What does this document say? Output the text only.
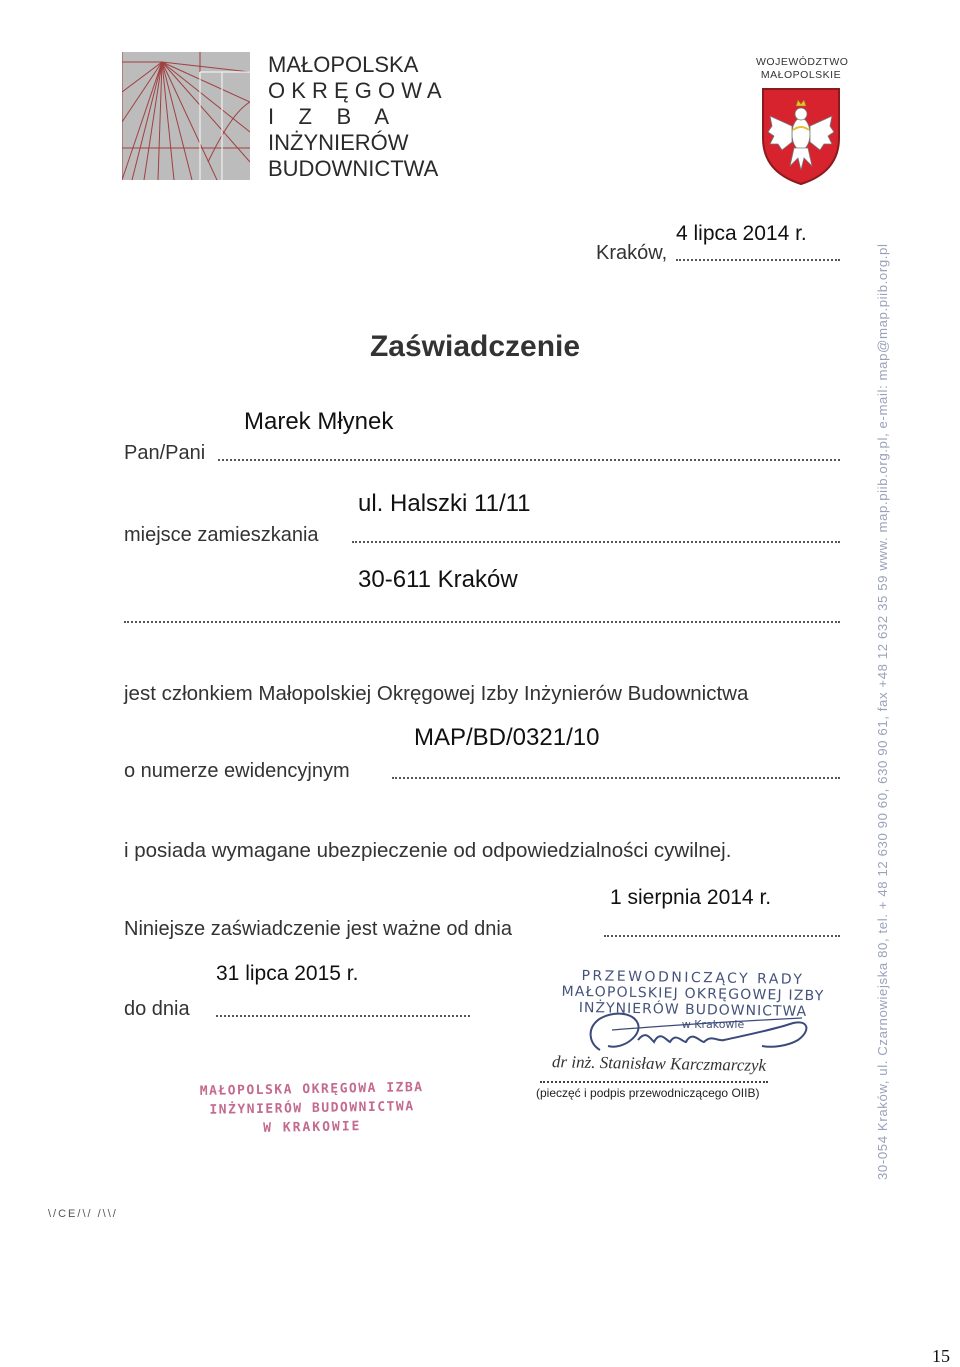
MAŁOPOLSKA
O K R Ę G O W A
I    Z    B    A
INŻYNIERÓW
BUDOWNICTWA
WOJEWÓDZTWO
MAŁOPOLSKIE
30-054 Kraków, ul. Czarnowiejska 80, tel. + 48 12 630 90 60, 630 90 61, fax +48 12 632 35 59 www. map.piib.org.pl, e-mail: map@map.piib.org.pl
4 lipca 2014 r.
Kraków,
Zaświadczenie
Marek Młynek
Pan/Pani
ul. Halszki 11/11
miejsce zamieszkania
30-611 Kraków
jest członkiem Małopolskiej Okręgowej Izby Inżynierów Budownictwa
MAP/BD/0321/10
o numerze ewidencyjnym
i posiada wymagane ubezpieczenie od odpowiedzialności cywilnej.
1 sierpnia 2014 r.
Niniejsze zaświadczenie jest ważne od dnia
31 lipca 2015 r.
do dnia
PRZEWODNICZĄCY RADY
MAŁOPOLSKIEJ OKRĘGOWEJ IZBY
INŻYNIERÓW BUDOWNICTWA
w Krakowie
dr inż. Stanisław Karczmarczyk
(pieczęć i podpis przewodniczącego OIIB)
MAŁOPOLSKA OKRĘGOWA IZBA
INŻYNIERÓW BUDOWNICTWA
W KRAKOWIE
\/CE/\/ /\\/
15
